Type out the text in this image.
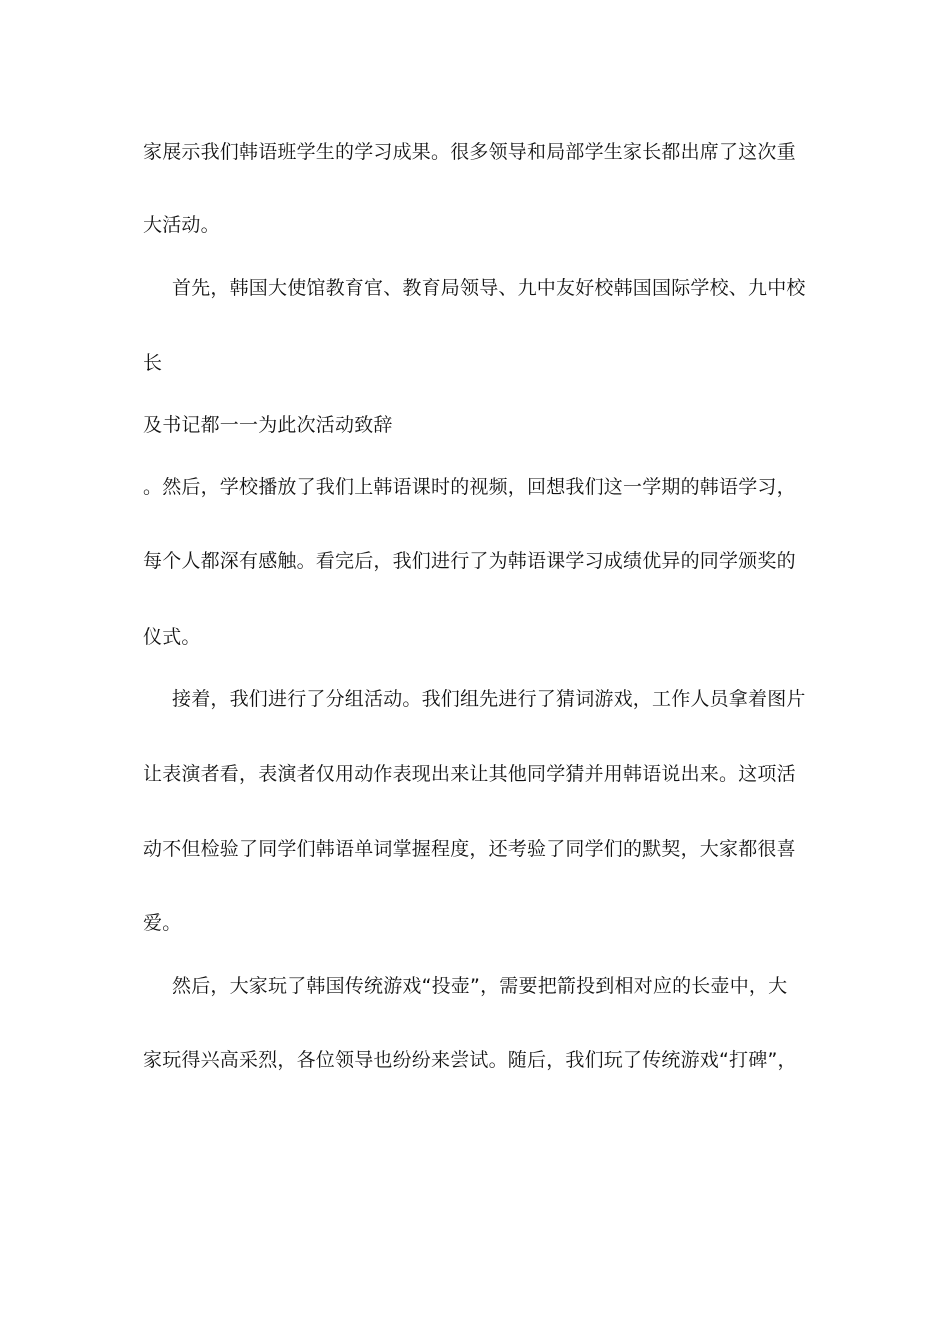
家展示我们韩语班学生的学习成果。很多领导和局部学生家长都出席了这次重
大活动。
首先，韩国大使馆教育官、教育局领导、九中友好校韩国国际学校、九中校
长
及书记都一一为此次活动致辞
。然后，学校播放了我们上韩语课时的视频，回想我们这一学期的韩语学习，
每个人都深有感触。看完后，我们进行了为韩语课学习成绩优异的同学颁奖的
仪式。
接着，我们进行了分组活动。我们组先进行了猜词游戏，工作人员拿着图片
让表演者看，表演者仅用动作表现出来让其他同学猜并用韩语说出来。这项活
动不但检验了同学们韩语单词掌握程度，还考验了同学们的默契，大家都很喜
爱。
然后，大家玩了韩国传统游戏“投壶”，需要把箭投到相对应的长壶中，大
家玩得兴高采烈，各位领导也纷纷来尝试。随后，我们玩了传统游戏“打碑”，
